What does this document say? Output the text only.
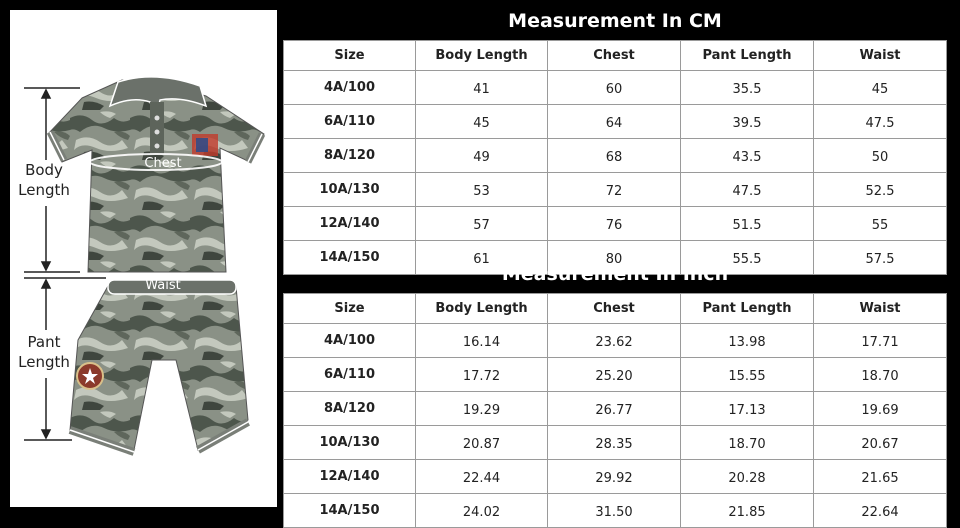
Body
Length
Pant
Length
Chest
Waist
Measurement In CM
Size	Body Length	Chest	Pant Length	Waist
4A/100	41	60	35.5	45
6A/110	45	64	39.5	47.5
8A/120	49	68	43.5	50
10A/130	53	72	47.5	52.5
12A/140	57	76	51.5	55
14A/150	61	80	55.5	57.5
Measurement In Inch
Size	Body Length	Chest	Pant Length	Waist
4A/100	16.14	23.62	13.98	17.71
6A/110	17.72	25.20	15.55	18.70
8A/120	19.29	26.77	17.13	19.69
10A/130	20.87	28.35	18.70	20.67
12A/140	22.44	29.92	20.28	21.65
14A/150	24.02	31.50	21.85	22.64
